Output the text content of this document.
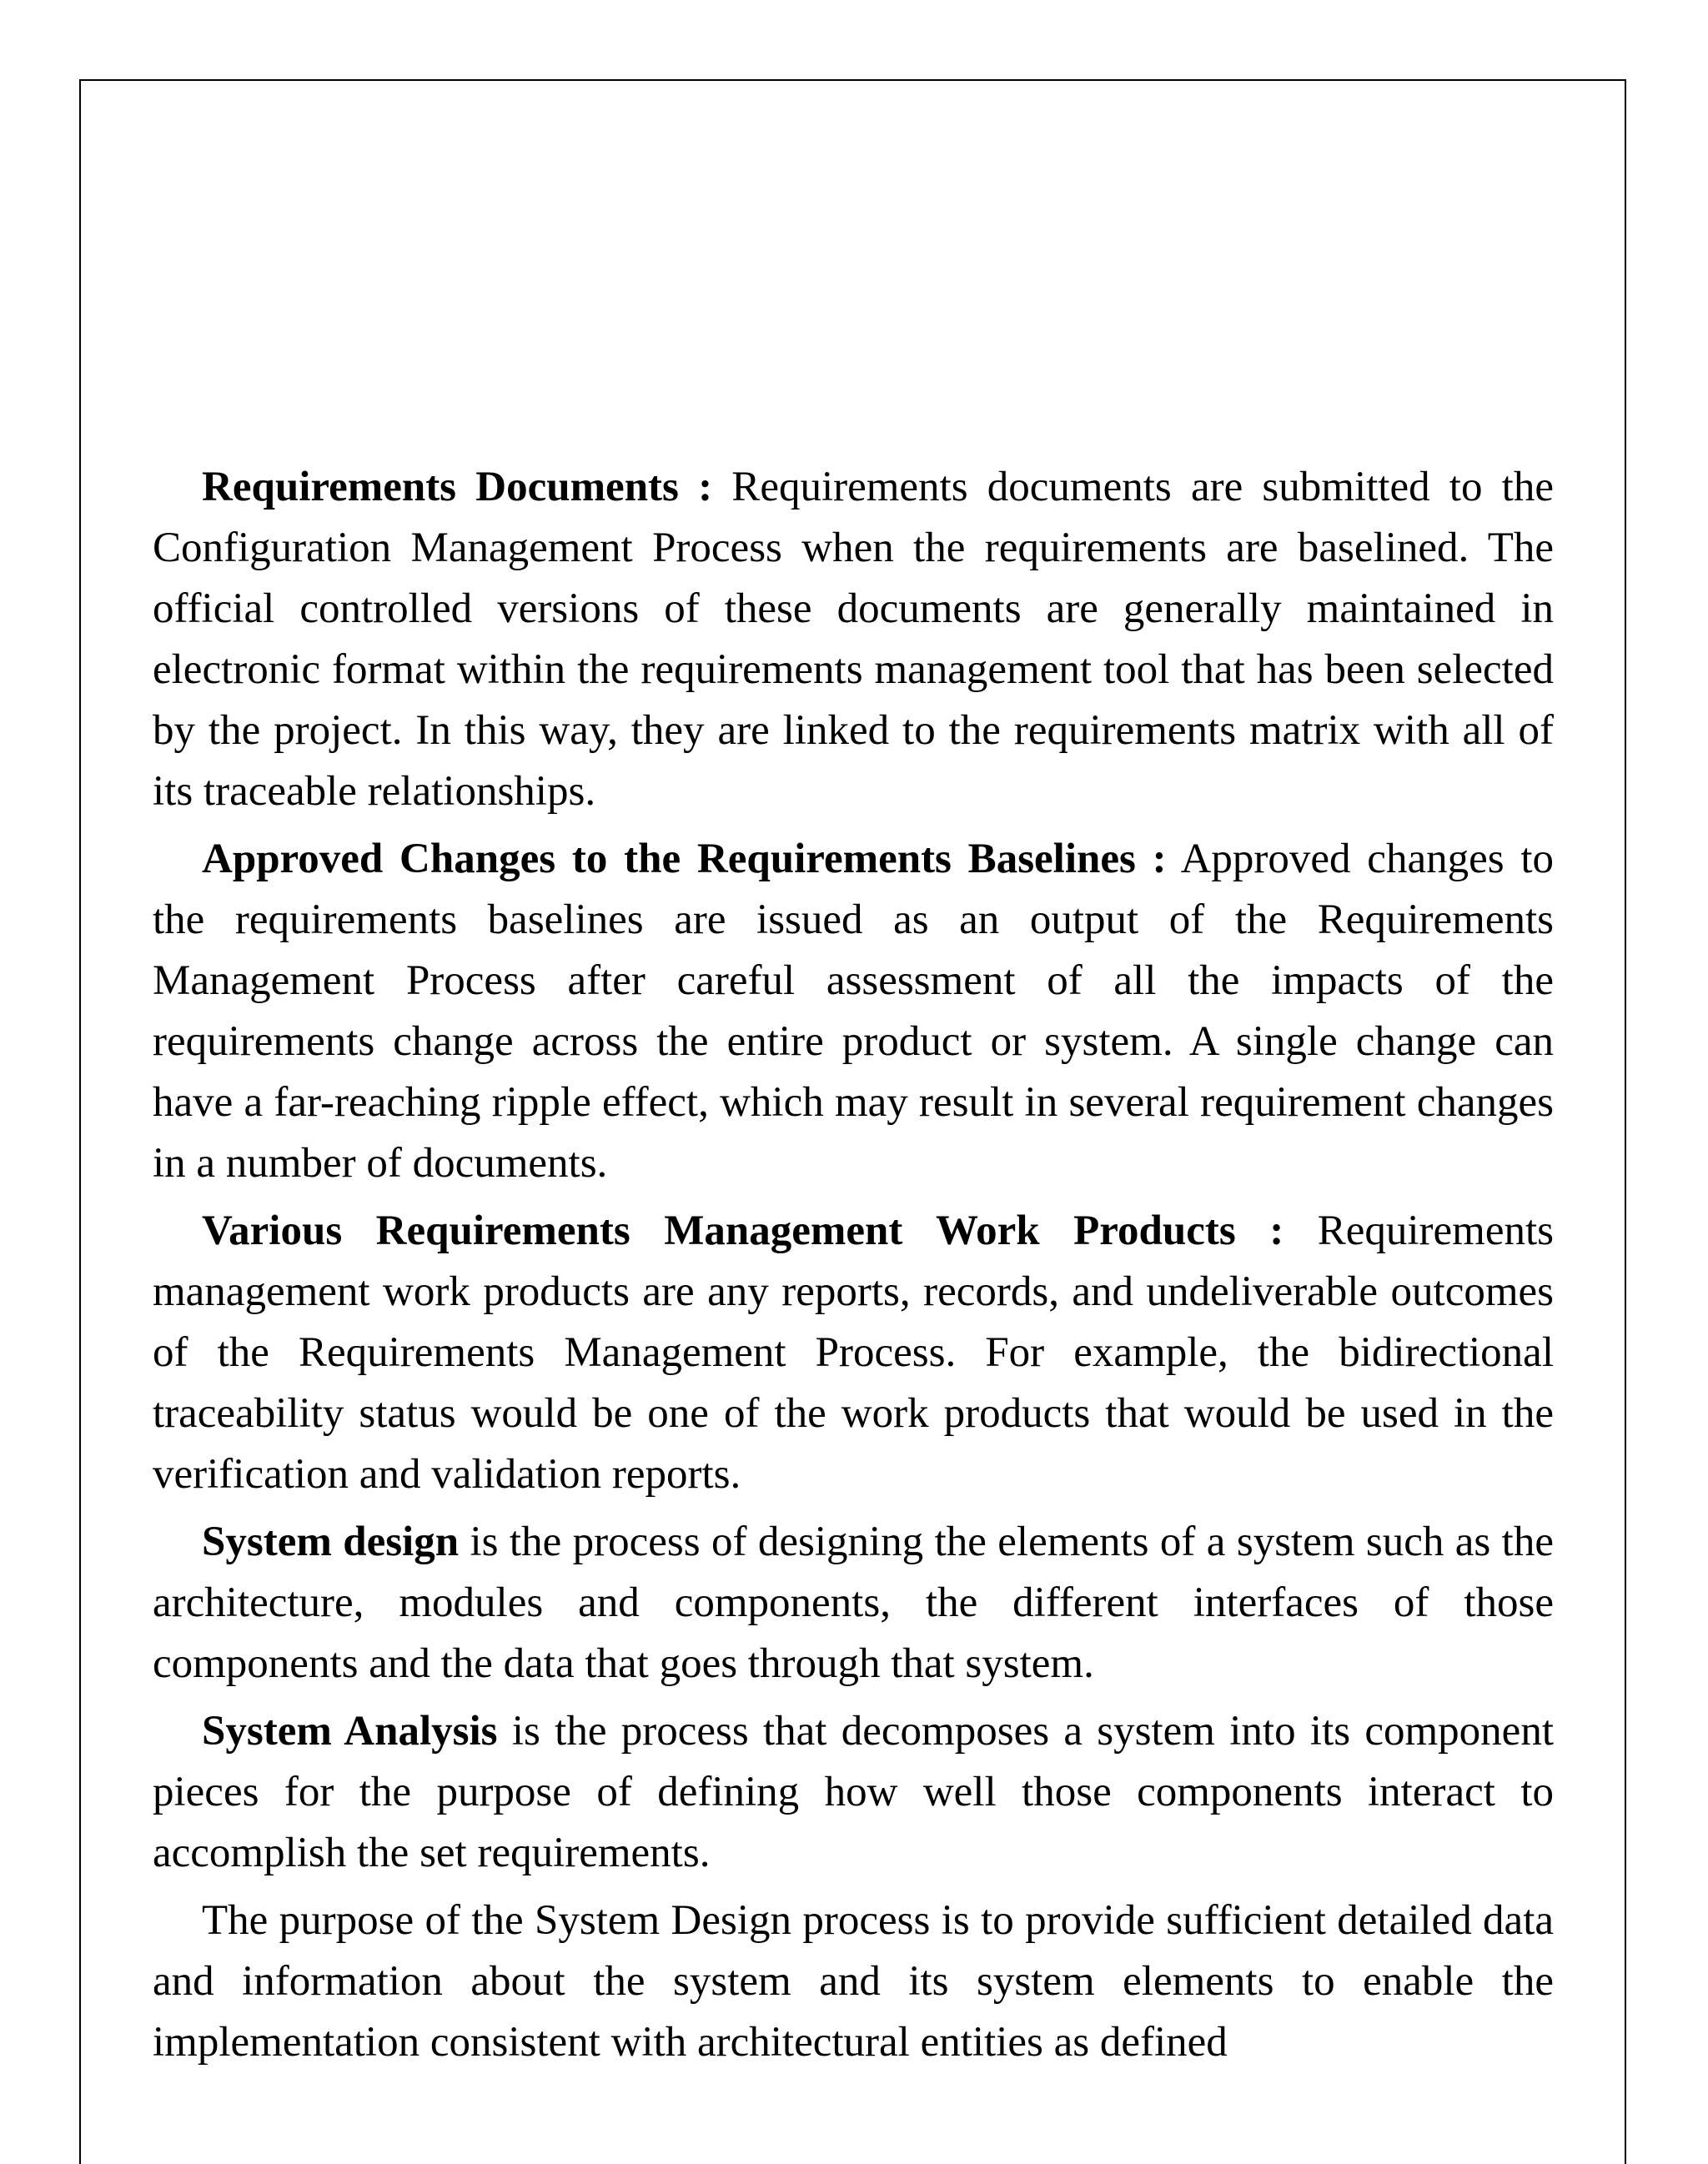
Requirements Documents : Requirements documents are submitted to the Configuration Management Process when the requirements are baselined. The official controlled versions of these documents are generally maintained in electronic format within the requirements management tool that has been selected by the project. In this way, they are linked to the requirements matrix with all of its traceable relationships.

Approved Changes to the Requirements Baselines : Approved changes to the requirements baselines are issued as an output of the Requirements Management Process after careful assessment of all the impacts of the requirements change across the entire product or system. A single change can have a far-reaching ripple effect, which may result in several requirement changes in a number of documents.

Various Requirements Management Work Products : Requirements management work products are any reports, records, and undeliverable outcomes of the Requirements Management Process. For example, the bidirectional traceability status would be one of the work products that would be used in the verification and validation reports.

System design is the process of designing the elements of a system such as the architecture, modules and components, the different interfaces of those components and the data that goes through that system.

System Analysis is the process that decomposes a system into its component pieces for the purpose of defining how well those components interact to accomplish the set requirements.

The purpose of the System Design process is to provide sufficient detailed data and information about the system and its system elements to enable the implementation consistent with architectural entities as defined
